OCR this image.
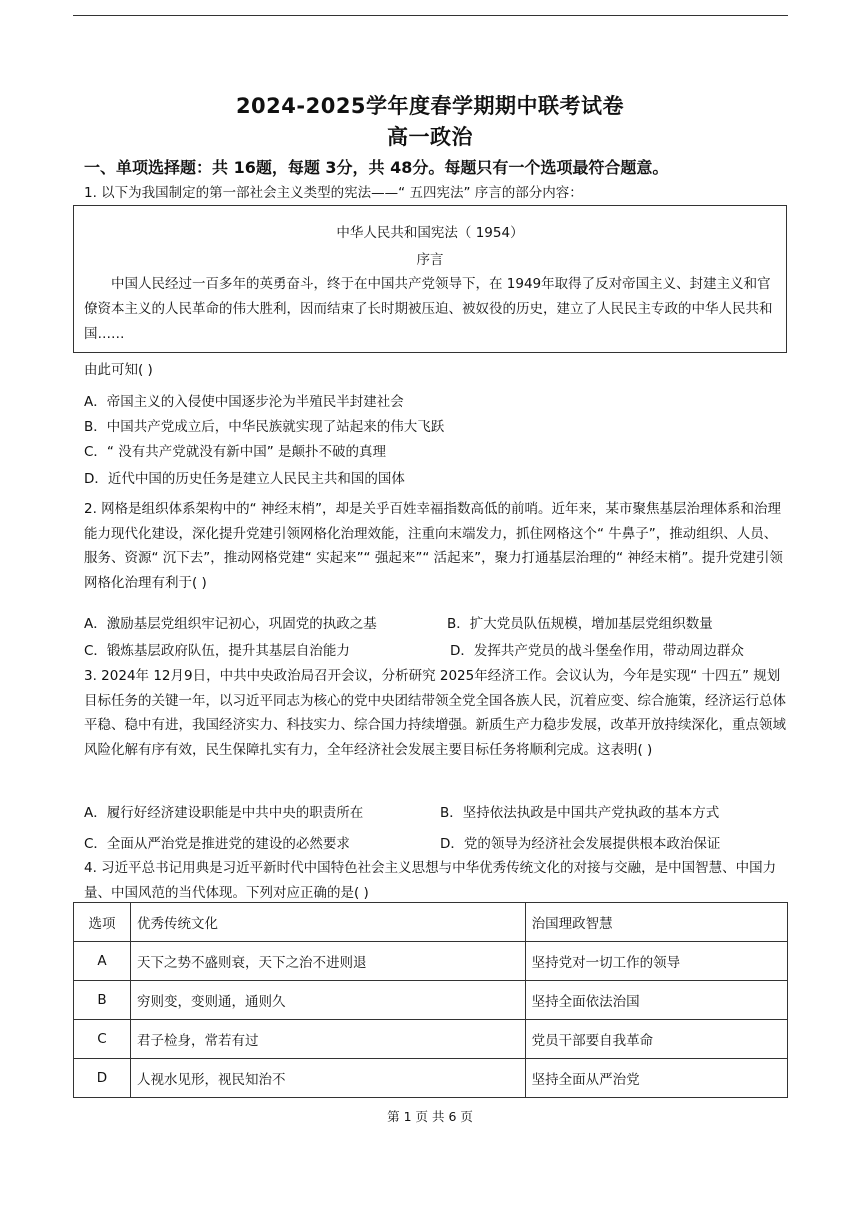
2024-2025学年度春学期期中联考试卷
高一政治
一、单项选择题：共 16题，每题 3分，共 48分。每题只有一个选项最符合题意。
1. 以下为我国制定的第一部社会主义类型的宪法——“ 五四宪法” 序言的部分内容：
中华人民共和国宪法（ 1954）
序言
中国人民经过一百多年的英勇奋斗，终于在中国共产党领导下，在 1949年取得了反对帝国主义、封建主义和官僚资本主义的人民革命的伟大胜利，因而结束了长时期被压迫、被奴役的历史，建立了人民民主专政的中华人民共和国……
由此可知( )
A．帝国主义的入侵使中国逐步沦为半殖民半封建社会
B．中国共产党成立后，中华民族就实现了站起来的伟大飞跃
C．“ 没有共产党就没有新中国” 是颠扑不破的真理
D．近代中国的历史任务是建立人民民主共和国的国体
2. 网格是组织体系架构中的“ 神经末梢”，却是关乎百姓幸福指数高低的前哨。近年来，某市聚焦基层治理体系和治理能力现代化建设，深化提升党建引领网格化治理效能，注重向末端发力，抓住网格这个“ 牛鼻子”，推动组织、人员、服务、资源“ 沉下去”，推动网格党建“ 实起来”“ 强起来”“ 活起来”，聚力打通基层治理的“ 神经末梢”。提升党建引领网格化治理有利于( )
A．激励基层党组织牢记初心，巩固党的执政之基	B．扩大党员队伍规模，增加基层党组织数量
C．锻炼基层政府队伍，提升其基层自治能力	D．发挥共产党员的战斗堡垒作用，带动周边群众
3. 2024年 12月9日，中共中央政治局召开会议，分析研究 2025年经济工作。会议认为，今年是实现“ 十四五” 规划目标任务的关键一年，以习近平同志为核心的党中央团结带领全党全国各族人民，沉着应变、综合施策，经济运行总体平稳、稳中有进，我国经济实力、科技实力、综合国力持续增强。新质生产力稳步发展，改革开放持续深化，重点领域风险化解有序有效，民生保障扎实有力，全年经济社会发展主要目标任务将顺利完成。这表明( )
A．履行好经济建设职能是中共中央的职责所在	B．坚持依法执政是中国共产党执政的基本方式
C．全面从严治党是推进党的建设的必然要求	D．党的领导为经济社会发展提供根本政治保证
4. 习近平总书记用典是习近平新时代中国特色社会主义思想与中华优秀传统文化的对接与交融，是中国智慧、中国力量、中国风范的当代体现。下列对应正确的是( )
选项	优秀传统文化	治国理政智慧
A	天下之势不盛则衰，天下之治不进则退	坚持党对一切工作的领导
B	穷则变，变则通，通则久	坚持全面依法治国
C	君子检身，常若有过	党员干部要自我革命
D	人视水见形，视民知治不	坚持全面从严治党
第 1 页 共 6 页
